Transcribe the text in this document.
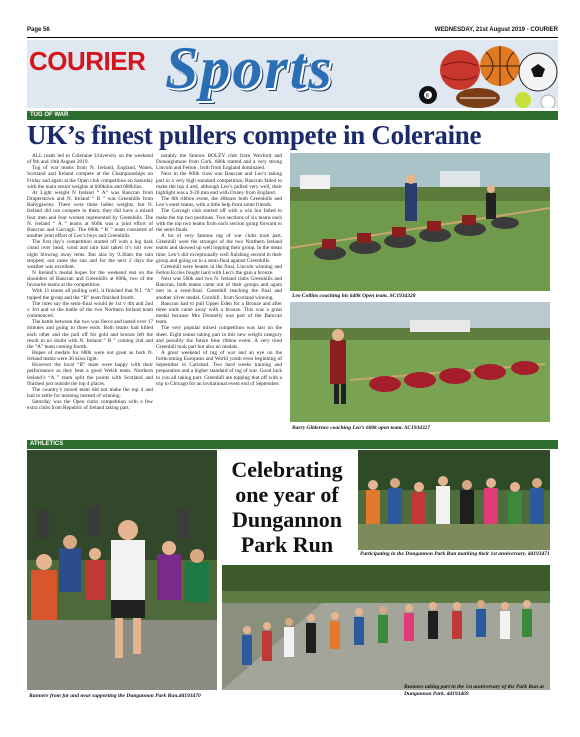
Page 56	WEDNESDAY, 21st August 2019 - COURIER
COURIER Sports	8
TUG OF WAR
UK’s finest pullers compete in Coleraine

ALL roads led to Coleraine University on the weekend of 9th and 10th August 2019.

Tug of war teams from N. Ireland, England, Wales, Scotland and Ireland compete at the Championships on Friday and again at the Open club competition on Saturday with the main senior weights at 600kilos and 680kilos.

At Light weight N Ireland “ A” was Bancran from Draperstown and N. Ireland “ B ” was Greenhills from Ballygawley. There were three ladies weights, but N. Ireland did not compete in them, they did have a mixed four men and four women represented by Greenhills. The N. Ireland “ A ” teams at 600k was a joint effort of Bancran and Garvagh. The 680k “ B ” team consisted of another joint effort of Leo’s boys and Greenhills.

The first day’s competition started off with a big dark cloud over head, wind and rain hail taken it’s toll over night blowing away tents. But alas by 9.30am the rain stopped, out came the sun and for the next 2 days the weather was excellent.

N Ireland’s medal hopes for the weekend rest on the shoulders of Bancran and Greenhills at 600k, two of the favourite teams at the competition.

With 11 teams all pulling well, it finished that N.I. “A” topped the group and the “B” team finished fourth.

The rules say the semi-final would be 1st v 4th and 2nd v 3rd and so the battle of the two Northern Ireland team commenced.

The battle between the two was fierce and lasted over 17 minutes and going to three ends. Both teams had killed each other and the pull off for gold and bronze left the result in no doubt with N. Ireland “ B ” coming 2nd and the “A” team coming fourth.

Hopes of medals for 680k were not great as both N. Ireland teams were 30 kilos light.

However the local “B” team were happy with their performance as they beat a good Welsh team. Northern Ireland’s “A ” team split the points with Scotland and finished just outside the top 4 places.

The country’s mixed team did not make the top 4 and had to settle for learning instead of winning.

Saturday was the Open clubs competition with a few extra clubs from Republic of Ireland taking part,

notably the famous BOLEY club from Wexford and Donoughmore from Cork. 680k started and a very strong Lincoln and Felton , both from England dominated.

Next in the 600k class was Bancran and Leo’s taking part in a very high standard competition, Bancran failed to make the top 4 and, although Leo’s pulled very well, their highlight was a 9-20 min end with Oxney from England.

The 8th ribbon event, the 40ksaw both Greenhills and Leo’s enter teams, with a little help from some friends.

The Garvagh club started off with a win but failed to make the top two positions. Two sections of six teams each with the top two teams from each section going forward to the semi-finals.

A lot of very famous tug of war clubs took part. Greenhill were the stronger of the two Northern Ireland teams and showed up well topping their group. In the mean time, Leo’s did exceptionally well finishing second in their group and going on to a semi-final against Greenhills.

Greenhill were beaten in the final, Lincoln winning and Felton Eccles fought hard with Leo’s the gain a bronze.

Next was 560k and two N. Ireland clubs Greenhills and Bancran, both teams came out of their groups and again met in a semi-final. Greenhill reaching the final and another silver medal, Cornhill , from Scotland winning.

Bancran had to pull Upper Eden for a Bronze and after three ends came away with a bronze. This was a great medal because Mrs Donnelly was part of the Bancran team.

The very popular mixed competition was last on the sheet. Eight teams taking part in this new weight category and possibly the future blue ribbon event. A very tired Greenhill took part but also no medals.

A great weekend of tug of war and an eye on the forthcoming European and World youth even beginning of September in Carlsbad. Two hard weeks training and preparation and a higher standard of tug of war. Good luck to you all taking part. Greenhill are topping that off with a trip to Chicago for an invitational event end of September.

Leo Collins coaching his 640k Open team. SC1934328
Barry Glidernee coaching Leo’s 600k open team. SC1934327
ATHLETICS
Runners from far and near supporting the Dungannon Park Run.dd193470
Celebrating
one year of
Dungannon
Park Run	Participating in the Dungannon Park Run marking their 1st anniversary. dd193471
Runners taking part in the 1st anniversary of the Park Run at Dungannon Park. dd193469
